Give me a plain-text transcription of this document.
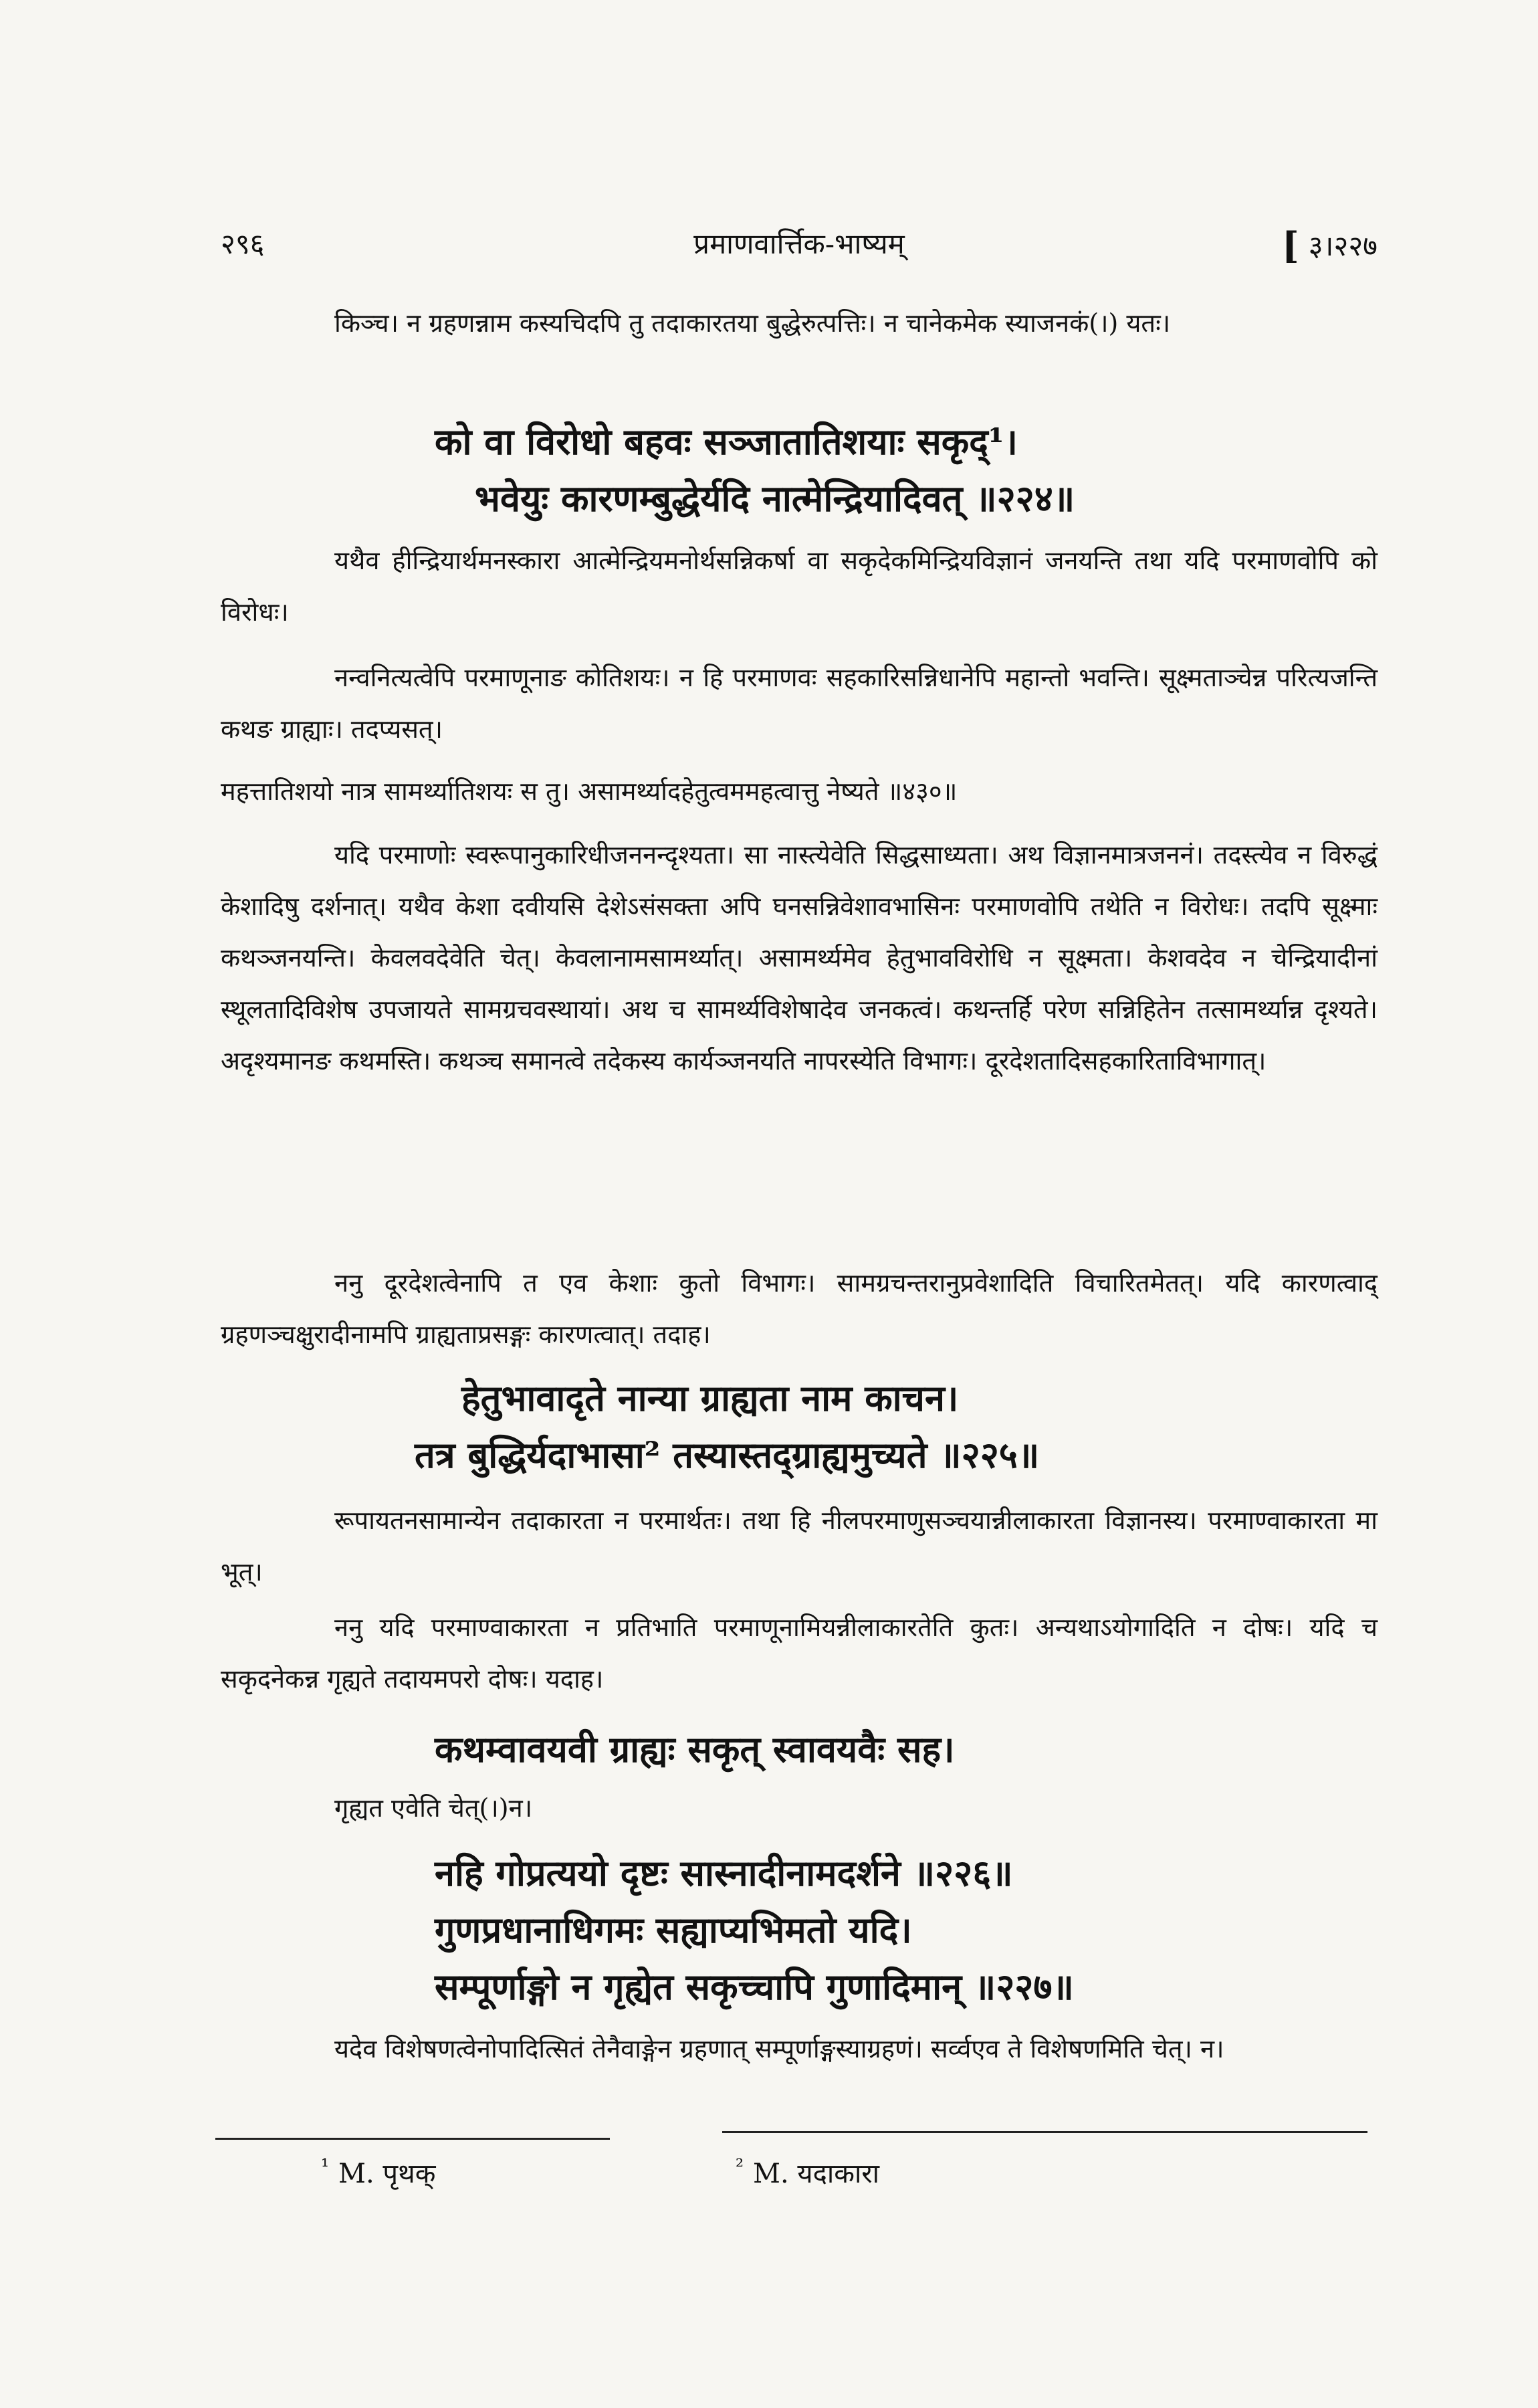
२९६	प्रमाणवार्त्तिक-भाष्यम्	[ ३।२२७
किञ्च। न ग्रहणन्नाम कस्यचिदपि तु तदाकारतया बुद्धेरुत्पत्तिः। न चानेकमेक स्याजनकं(।) यतः।
को वा विरोधो बहवः सञ्जातातिशयाः सकृद्¹।
भवेयुः कारणम्बुद्धेर्यदि नात्मेन्द्रियादिवत् ॥२२४॥
यथैव हीन्द्रियार्थमनस्कारा आत्मेन्द्रियमनोर्थसन्निकर्षा वा सकृदेकमिन्द्रियविज्ञानं जनयन्ति तथा यदि परमाणवोपि को विरोधः।
नन्वनित्यत्वेपि परमाणूनाङ कोतिशयः। न हि परमाणवः सहकारिसन्निधानेपि महान्तो भवन्ति। सूक्ष्मताञ्चेन्न परित्यजन्ति कथङ ग्राह्याः। तदप्यसत्।
महत्तातिशयो नात्र सामर्थ्यातिशयः स तु। असामर्थ्यादहेतुत्वममहत्वात्तु नेष्यते ॥४३०॥
यदि परमाणोः स्वरूपानुकारिधीजननन्दृश्यता। सा नास्त्येवेति सिद्धसाध्यता। अथ विज्ञानमात्रजननं। तदस्त्येव न विरुद्धं केशादिषु दर्शनात्। यथैव केशा दवीयसि देशेऽसंसक्ता अपि घनसन्निवेशावभासिनः परमाणवोपि तथेति न विरोधः। तदपि सूक्ष्माः कथञ्जनयन्ति। केवलवदेवेति चेत्। केवलानामसामर्थ्यात्। असामर्थ्यमेव हेतुभावविरोधि न सूक्ष्मता। केशवदेव न चेन्द्रियादीनां स्थूलतादिविशेष उपजायते सामग्रचवस्थायां। अथ च सामर्थ्यविशेषादेव जनकत्वं। कथन्तर्हि परेण सन्निहितेन तत्सामर्थ्यान्न दृश्यते। अदृश्यमानङ कथमस्ति। कथञ्च समानत्वे तदेकस्य कार्यञ्जनयति नापरस्येति विभागः। दूरदेशतादिसहकारिताविभागात्।
ननु दूरदेशत्वेनापि त एव केशाः कुतो विभागः। सामग्रचन्तरानुप्रवेशादिति विचारितमेतत्। यदि कारणत्वाद् ग्रहणञ्चक्षुरादीनामपि ग्राह्यताप्रसङ्गः कारणत्वात्। तदाह।
हेतुभावादृते नान्या ग्राह्यता नाम काचन।
तत्र बुद्धिर्यदाभासा² तस्यास्तद्ग्राह्यमुच्यते ॥२२५॥
रूपायतनसामान्येन तदाकारता न परमार्थतः। तथा हि नीलपरमाणुसञ्चयान्नीलाकारता विज्ञानस्य। परमाण्वाकारता मा भूत्।
ननु यदि परमाण्वाकारता न प्रतिभाति परमाणूनामियन्नीलाकारतेति कुतः। अन्यथाऽयोगादिति न दोषः। यदि च सकृदनेकन्न गृह्यते तदायमपरो दोषः। यदाह।
कथम्वावयवी ग्राह्यः सकृत् स्वावयवैः सह।
गृह्यत एवेति चेत्(।)न।
नहि गोप्रत्ययो दृष्टः सास्नादीनामदर्शने ॥२२६॥
गुणप्रधानाधिगमः सह्याप्यभिमतो यदि।
सम्पूर्णाङ्गो न गृह्येत सकृच्चापि गुणादिमान् ॥२२७॥
यदेव विशेषणत्वेनोपादित्सितं तेनैवाङ्गेन ग्रहणात् सम्पूर्णाङ्गस्याग्रहणं। सर्व्वएव ते विशेषणमिति चेत्। न।
$^{^1}$ M. पृथक्	$^{^2}$ M. यदाकारा
